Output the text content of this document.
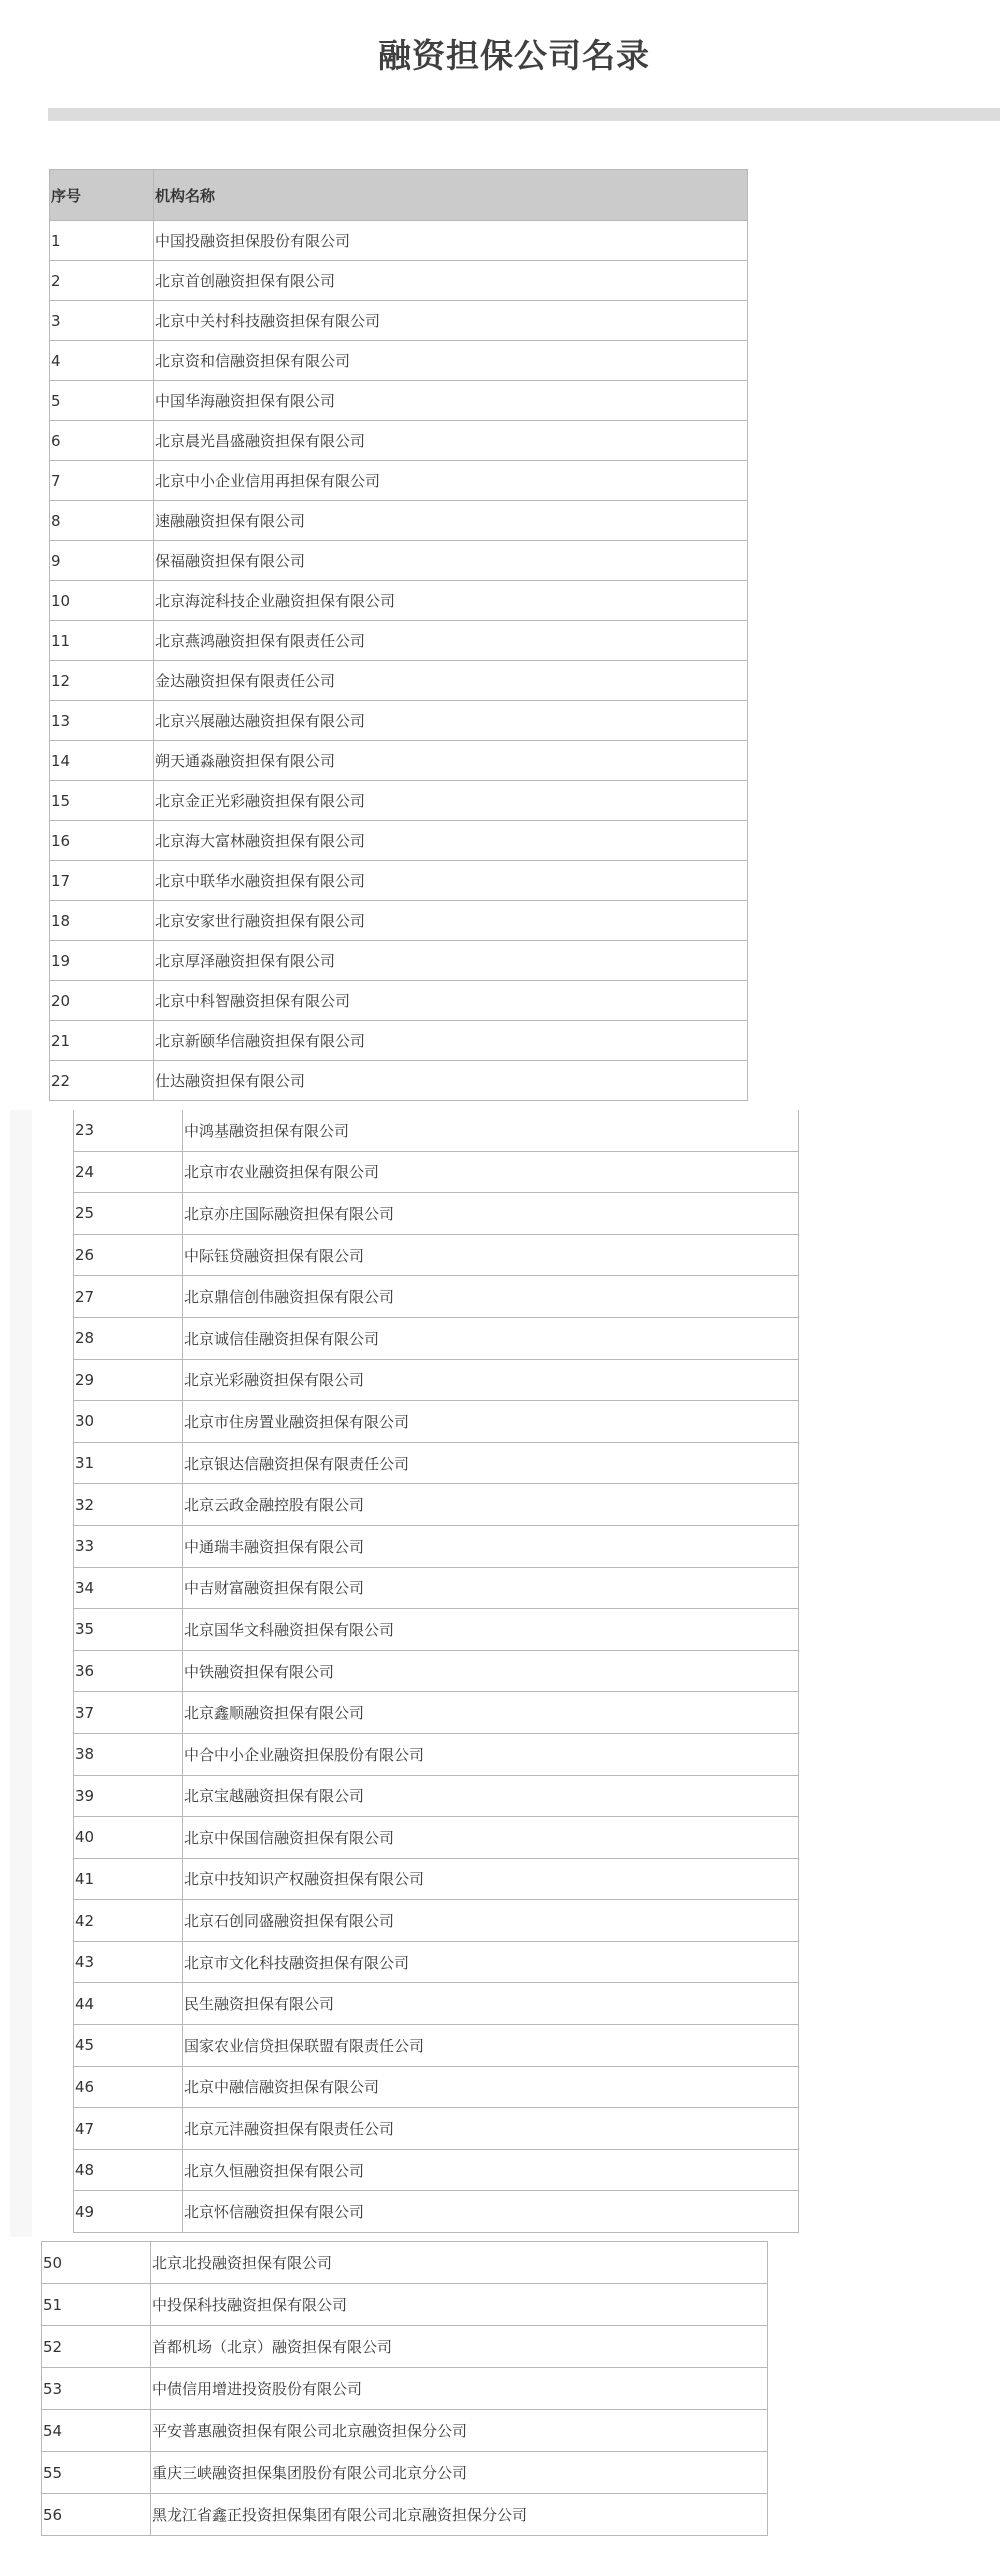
融资担保公司名录
序号	机构名称
1	中国投融资担保股份有限公司
2	北京首创融资担保有限公司
3	北京中关村科技融资担保有限公司
4	北京资和信融资担保有限公司
5	中国华海融资担保有限公司
6	北京晨光昌盛融资担保有限公司
7	北京中小企业信用再担保有限公司
8	速融融资担保有限公司
9	保福融资担保有限公司
10	北京海淀科技企业融资担保有限公司
11	北京燕鸿融资担保有限责任公司
12	金达融资担保有限责任公司
13	北京兴展融达融资担保有限公司
14	朔天通淼融资担保有限公司
15	北京金正光彩融资担保有限公司
16	北京海大富林融资担保有限公司
17	北京中联华水融资担保有限公司
18	北京安家世行融资担保有限公司
19	北京厚泽融资担保有限公司
20	北京中科智融资担保有限公司
21	北京新颐华信融资担保有限公司
22	仕达融资担保有限公司
23	中鸿基融资担保有限公司
24	北京市农业融资担保有限公司
25	北京亦庄国际融资担保有限公司
26	中际钰贷融资担保有限公司
27	北京鼎信创伟融资担保有限公司
28	北京诚信佳融资担保有限公司
29	北京光彩融资担保有限公司
30	北京市住房置业融资担保有限公司
31	北京银达信融资担保有限责任公司
32	北京云政金融控股有限公司
33	中通瑞丰融资担保有限公司
34	中吉财富融资担保有限公司
35	北京国华文科融资担保有限公司
36	中铁融资担保有限公司
37	北京鑫顺融资担保有限公司
38	中合中小企业融资担保股份有限公司
39	北京宝越融资担保有限公司
40	北京中保国信融资担保有限公司
41	北京中技知识产权融资担保有限公司
42	北京石创同盛融资担保有限公司
43	北京市文化科技融资担保有限公司
44	民生融资担保有限公司
45	国家农业信贷担保联盟有限责任公司
46	北京中融信融资担保有限公司
47	北京元沣融资担保有限责任公司
48	北京久恒融资担保有限公司
49	北京怀信融资担保有限公司
50	北京北投融资担保有限公司
51	中投保科技融资担保有限公司
52	首都机场（北京）融资担保有限公司
53	中债信用增进投资股份有限公司
54	平安普惠融资担保有限公司北京融资担保分公司
55	重庆三峡融资担保集团股份有限公司北京分公司
56	黑龙江省鑫正投资担保集团有限公司北京融资担保分公司
